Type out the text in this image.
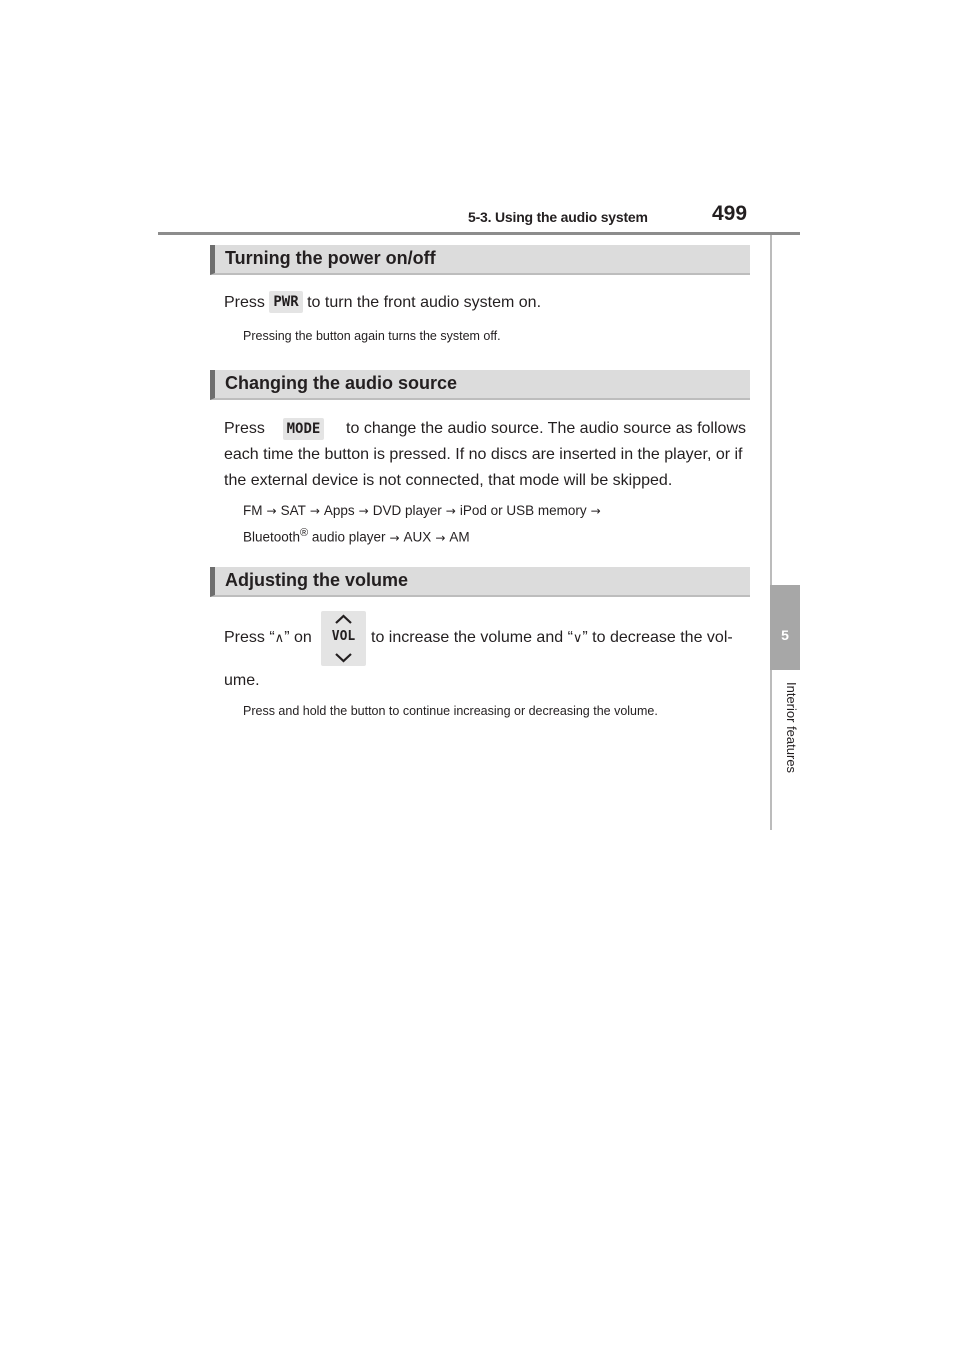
5-3. Using the audio system	499
5
Interior features
Turning the power on/off
Press PWR to turn the front audio system on.
Pressing the button again turns the system off.
Changing the audio source
Press MODE to change the audio source. The audio source as follows
each time the button is pressed. If no discs are inserted in the player, or if
the external device is not connected, that mode will be skipped.
FM → SAT → Apps → DVD player → iPod or USB memory →
Bluetooth® audio player → AUX → AM
Adjusting the volume
Press “∧” on	VOL to increase the volume and “∨” to decrease the vol-
ume.
Press and hold the button to continue increasing or decreasing the volume.
